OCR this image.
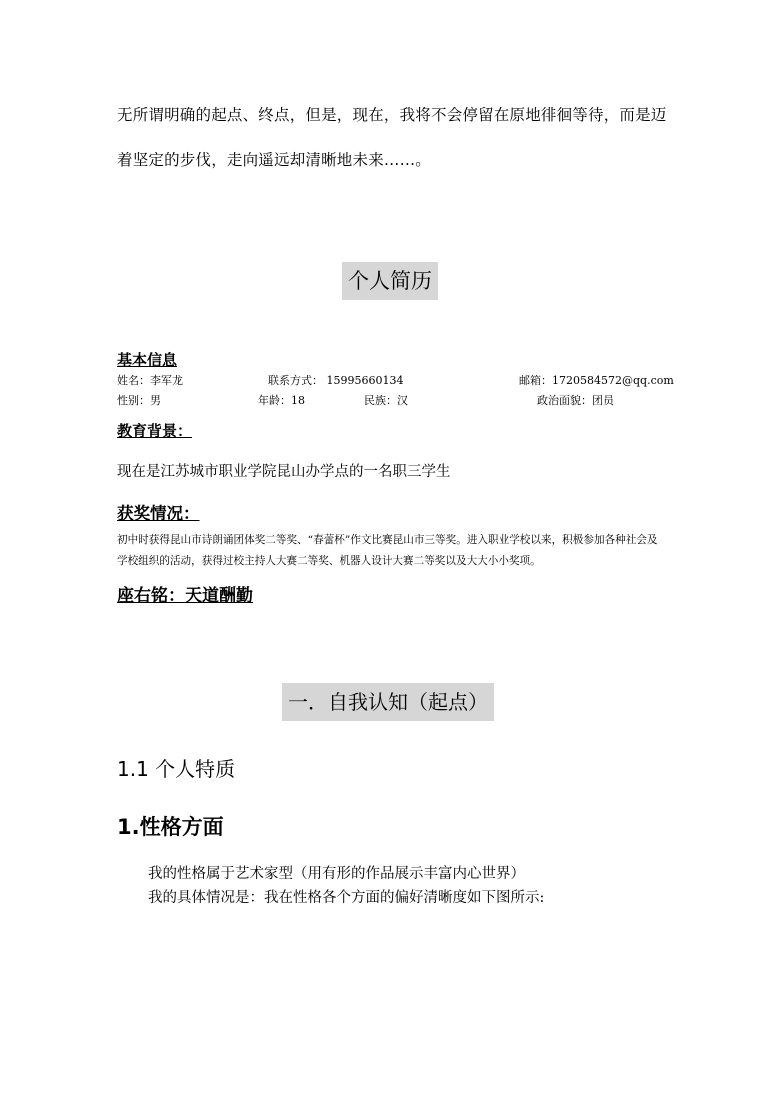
无所谓明确的起点、终点，但是，现在，我将不会停留在原地徘徊等待，而是迈
着坚定的步伐，走向遥远却清晰地未来……。
个人简历
基本信息
姓名：李军龙	联系方式： 15995660134	邮箱：1720584572@qq.com
性别：男	年龄：18	民族：汉	政治面貌：团员
教育背景：
现在是江苏城市职业学院昆山办学点的一名职三学生
获奖情况：
初中时获得昆山市诗朗诵团体奖二等奖、“春蕾杯”作文比赛昆山市三等奖。进入职业学校以来，积极参加各种社会及学校组织的活动，获得过校主持人大赛二等奖、机器人设计大赛二等奖以及大大小小奖项。
座右铭：天道酬勤
一．自我认知（起点）
1.1 个人特质
1.性格方面
我的性格属于艺术家型（用有形的作品展示丰富内心世界）
我的具体情况是：我在性格各个方面的偏好清晰度如下图所示:
